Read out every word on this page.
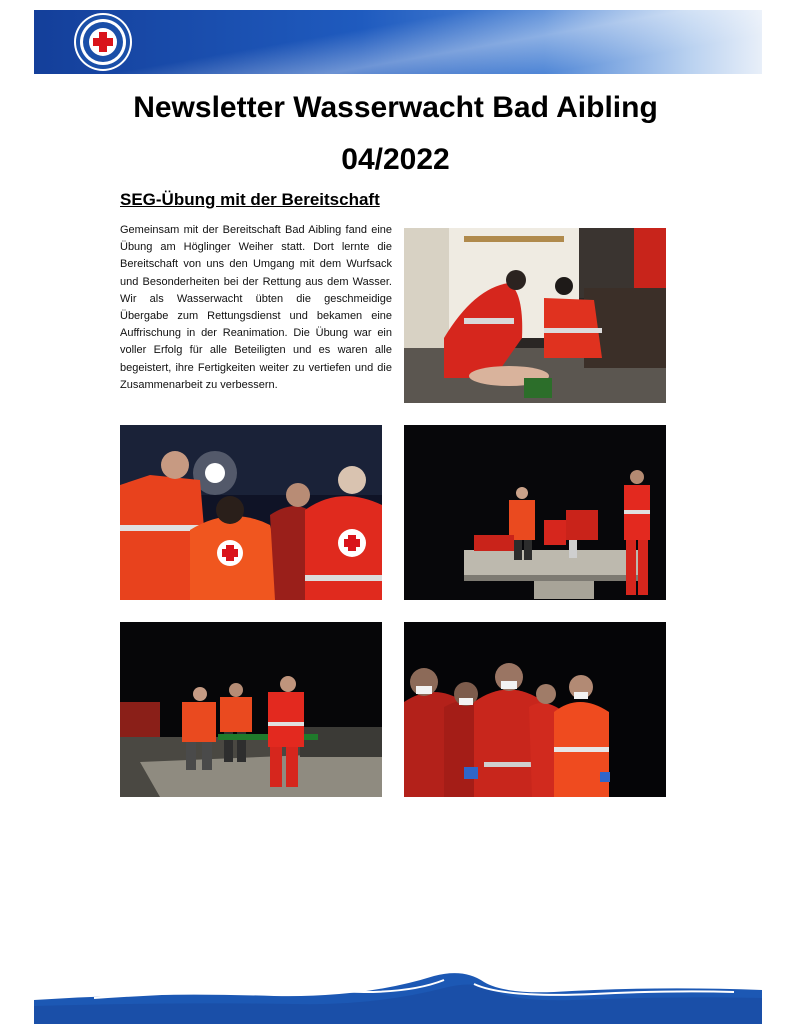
Newsletter Wasserwacht Bad Aibling
04/2022
SEG-Übung mit der Bereitschaft

Gemeinsam mit der Bereitschaft Bad Aibling fand eine Übung am Höglinger Weiher statt. Dort lernte die Bereitschaft von uns den Umgang mit dem Wurfsack und Besonderheiten bei der Rettung aus dem Wasser. Wir als Wasserwacht übten die geschmeidige Übergabe zum Rettungsdienst und bekamen eine Auffrischung in der Reanimation. Die Übung war ein voller Erfolg für alle Beteiligten und es waren alle begeistert, ihre Fertigkeiten weiter zu vertiefen und die Zusammenarbeit zu verbessern.
